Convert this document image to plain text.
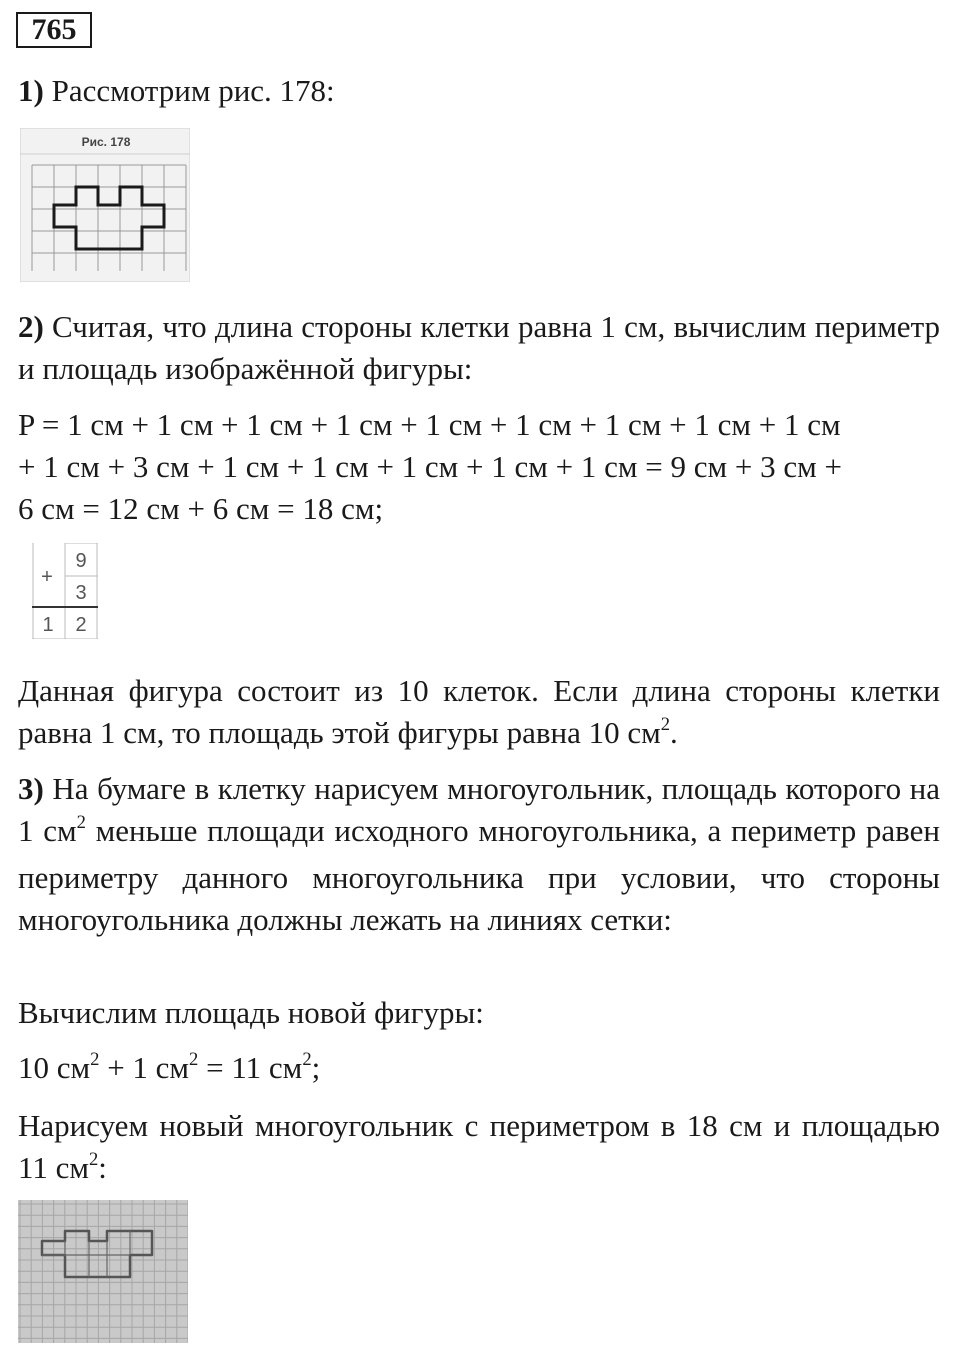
765

1) Рассмотрим рис. 178:

Рис. 178

2) Считая, что длина стороны клетки равна 1 см, вычислим периметр и площадь изображённой фигуры:

P = 1 см + 1 см + 1 см + 1 см + 1 см + 1 см + 1 см + 1 см + 1 см

+ 1 см + 3 см + 1 см + 1 см + 1 см + 1 см + 1 см = 9 см + 3 см +

6 см = 12 см + 6 см = 18 см;

+
9
3
1 2

Данная фигура состоит из 10 клеток. Если длина стороны клетки равна 1 см, то площадь этой фигуры равна 10 $см^2$.

3) На бумаге в клетку нарисуем многоугольник, площадь которого на 1 $см^2$ меньше площади исходного многоугольника, а периметр равен периметру данного многоугольника при условии, что стороны многоугольника должны лежать на линиях сетки:

Вычислим площадь новой фигуры:

10 $см^2 + 1$ $см^2 = 11$ $см^2$;

Нарисуем новый многоугольник с периметром в 18 см и площадью 11 $см^2$:
